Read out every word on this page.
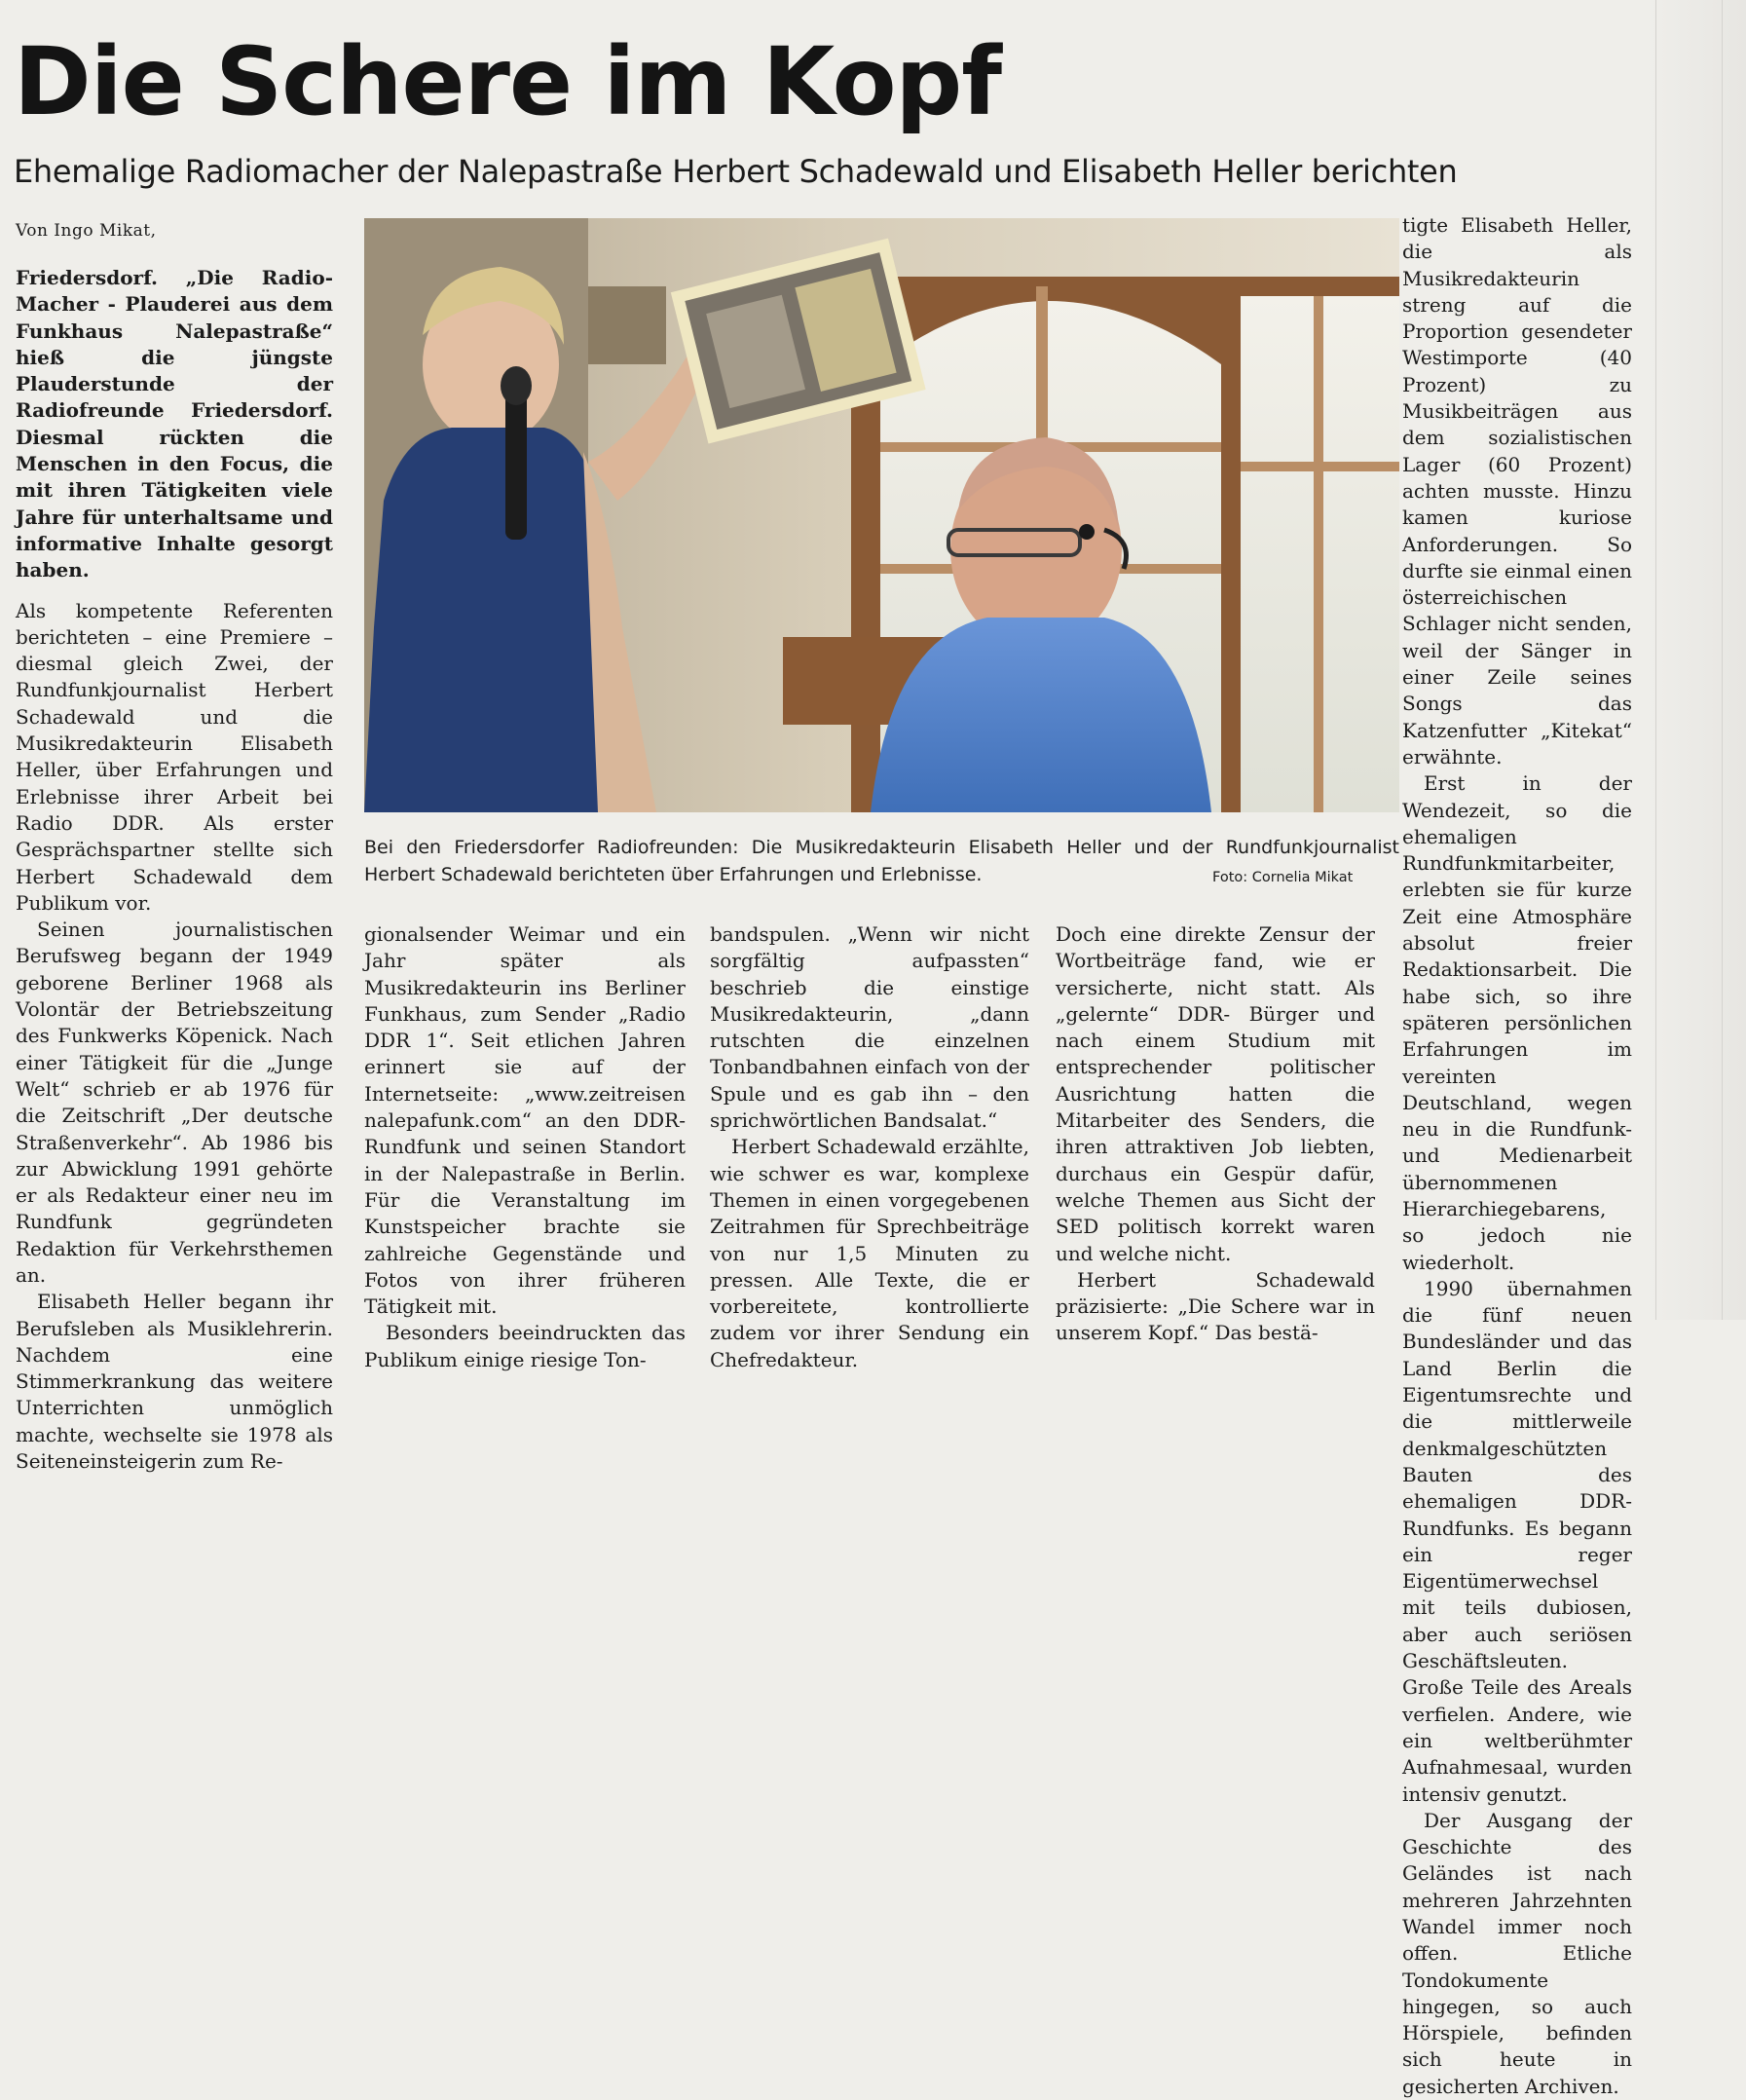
Die Schere im Kopf
Ehemalige Radiomacher der Nalepastraße Herbert Schadewald und Elisabeth Heller berichten
Von Ingo Mikat,

Friedersdorf. „Die Radio-Macher - Plauderei aus dem Funkhaus Nalepastraße“ hieß die jüngste Plauderstunde der Radiofreunde Friedersdorf. Diesmal rückten die Menschen in den Focus, die mit ihren Tätigkeiten viele Jahre für unterhaltsame und informative Inhalte gesorgt haben.

Als kompetente Referenten berichteten – eine Premiere – diesmal gleich Zwei, der Rundfunkjournalist Herbert Schadewald und die Musikredakteurin Elisabeth Heller, über Erfahrungen und Erlebnisse ihrer Arbeit bei Radio DDR. Als erster Gesprächspartner stellte sich Herbert Schadewald dem Publikum vor.

Seinen journalistischen Berufsweg begann der 1949 geborene Berliner 1968 als Volontär der Betriebszeitung des Funkwerks Köpenick. Nach einer Tätigkeit für die „Junge Welt“ schrieb er ab 1976 für die Zeitschrift „Der deutsche Straßenverkehr“. Ab 1986 bis zur Abwicklung 1991 gehörte er als Redakteur einer neu im Rundfunk gegründeten Redaktion für Verkehrsthemen an.

Elisabeth Heller begann ihr Berufsleben als Musiklehrerin. Nachdem eine Stimmerkrankung das weitere Unterrichten unmöglich machte, wechselte sie 1978 als Seiteneinsteigerin zum Re-

Bei den Friedersdorfer Radiofreunden: Die Musikredakteurin Elisabeth Heller und der Rundfunkjournalist Herbert Schadewald berichteten über Erfahrungen und Erlebnisse.	Foto: Cornelia Mikat

gionalsender Weimar und ein Jahr später als Musikredakteurin ins Berliner Funkhaus, zum Sender „Radio DDR 1“. Seit etlichen Jahren erinnert sie auf der Internetseite: „www.zeitreisen nalepafunk.com“ an den DDR-Rundfunk und seinen Standort in der Nalepastraße in Berlin. Für die Veranstaltung im Kunstspeicher brachte sie zahlreiche Gegenstände und Fotos von ihrer früheren Tätigkeit mit.

Besonders beeindruckten das Publikum einige riesige Ton-

bandspulen. „Wenn wir nicht sorgfältig aufpassten“ beschrieb die einstige Musikredakteurin, „dann rutschten die einzelnen Tonbandbahnen einfach von der Spule und es gab ihn – den sprichwörtlichen Bandsalat.“

Herbert Schadewald erzählte, wie schwer es war, komplexe Themen in einen vorgegebenen Zeitrahmen für Sprechbeiträge von nur 1,5 Minuten zu pressen. Alle Texte, die er vorbereitete, kontrollierte zudem vor ihrer Sendung ein Chefredakteur.

Doch eine direkte Zensur der Wortbeiträge fand, wie er versicherte, nicht statt. Als „gelernte“ DDR- Bürger und nach einem Studium mit entsprechender politischer Ausrichtung hatten die Mitarbeiter des Senders, die ihren attraktiven Job liebten, durchaus ein Gespür dafür, welche Themen aus Sicht der SED politisch korrekt waren und welche nicht.

Herbert Schadewald präzisierte: „Die Schere war in unserem Kopf.“ Das bestä-

tigte Elisabeth Heller, die als Musikredakteurin streng auf die Proportion gesendeter Westimporte (40 Prozent) zu Musikbeiträgen aus dem sozialistischen Lager (60 Prozent) achten musste. Hinzu kamen kuriose Anforderungen. So durfte sie einmal einen österreichischen Schlager nicht senden, weil der Sänger in einer Zeile seines Songs das Katzenfutter „Kitekat“ erwähnte.

Erst in der Wendezeit, so die ehemaligen Rundfunkmitarbeiter, erlebten sie für kurze Zeit eine Atmosphäre absolut freier Redaktionsarbeit. Die habe sich, so ihre späteren persönlichen Erfahrungen im vereinten Deutschland, wegen neu in die Rundfunk- und Medienarbeit übernommenen Hierarchiegebarens, so jedoch nie wiederholt.

1990 übernahmen die fünf neuen Bundesländer und das Land Berlin die Eigentumsrechte und die mittlerweile denkmalgeschützten Bauten des ehemaligen DDR-Rundfunks. Es begann ein reger Eigentümerwechsel mit teils dubiosen, aber auch seriösen Geschäftsleuten. Große Teile des Areals verfielen. Andere, wie ein weltberühmter Aufnahmesaal, wurden intensiv genutzt.

Der Ausgang der Geschichte des Geländes ist nach mehreren Jahrzehnten Wandel immer noch offen. Etliche Tondokumente hingegen, so auch Hörspiele, befinden sich heute in gesicherten Archiven.
